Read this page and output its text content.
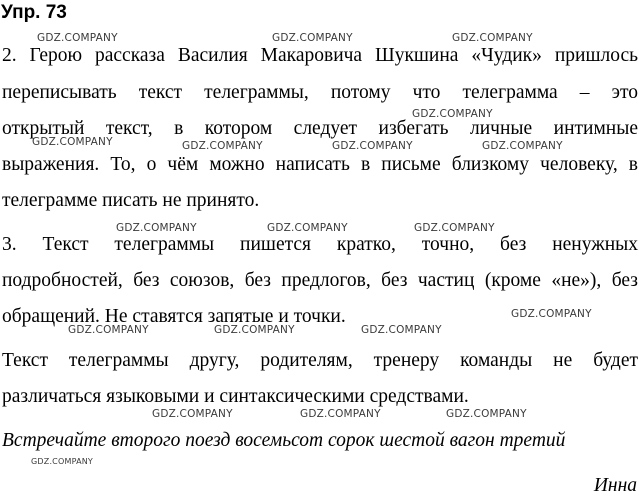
Упр. 73
2. Герою рассказа Василия Макаровича Шукшина «Чудик» пришлось
переписывать текст телеграммы, потому что телеграмма – это
открытый текст, в котором следует избегать личные интимные
выражения. То, о чём можно написать в письме близкому человеку, в
телеграмме писать не принято.
3. Текст телеграммы пишется кратко, точно, без ненужных
подробностей, без союзов, без предлогов, без частиц (кроме «не»), без
обращений. Не ставятся запятые и точки.
Текст телеграммы другу, родителям, тренеру команды не будет
различаться языковыми и синтаксическими средствами.
Встречайте второго поезд восемьсот сорок шестой вагон третий
Инна
GDZ.COMPANY	GDZ.COMPANY	GDZ.COMPANY
GDZ.COMPANY
GDZ.COMPANY	GDZ.COMPANY	GDZ.COMPANY	GDZ.COMPANY
GDZ.COMPANY	GDZ.COMPANY	GDZ.COMPANY
GDZ.COMPANY
GDZ.COMPANY	GDZ.COMPANY	GDZ.COMPANY
GDZ.COMPANY	GDZ.COMPANY	GDZ.COMPANY
GDZ.COMPANY
